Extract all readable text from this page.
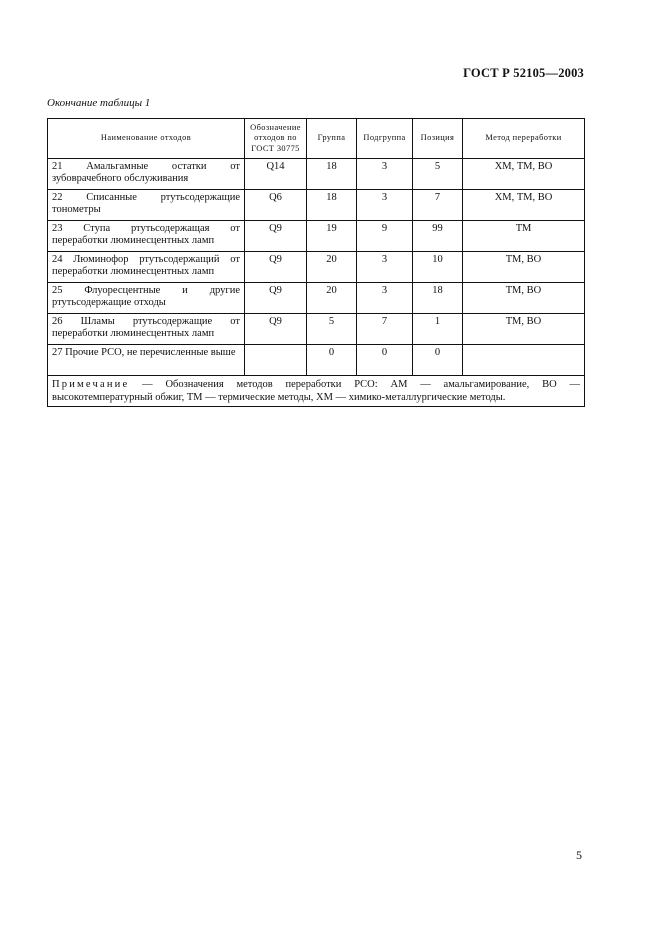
ГОСТ Р 52105—2003
Окончание таблицы 1
Наименование отходов	Обозначение отходов по ГОСТ 30775	Группа	Подгруппа	Позиция	Метод переработки
21 Амальгамные остатки от зубоврачебного обслуживания	Q14	18	3	5	ХМ, ТМ, ВО
22 Списанные ртутьсодержащие тонометры	Q6	18	3	7	ХМ, ТМ, ВО
23 Ступа ртутьсодержащая от переработки люминесцентных ламп	Q9	19	9	99	ТМ
24 Люминофор ртутьсодержащий от переработки люминесцентных ламп	Q9	20	3	10	ТМ, ВО
25 Флуоресцентные и другие ртутьсодержащие отходы	Q9	20	3	18	ТМ, ВО
26 Шламы ртутьсодержащие от переработки люминесцентных ламп	Q9	5	7	1	ТМ, ВО
27 Прочие РСО, не перечисленные выше		0	0	0	
Примечание — Обозначения методов переработки РСО: АМ — амальгамирование, ВО — высокотемпературный обжиг, ТМ — термические методы, ХМ — химико-металлургические методы.					
5
